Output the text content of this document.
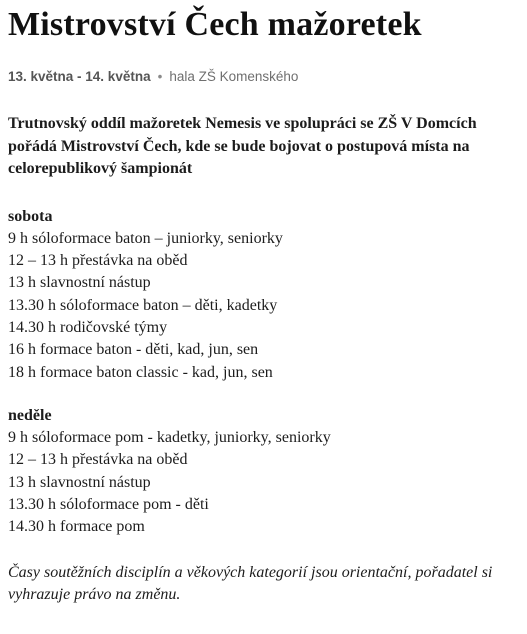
Mistrovství Čech mažoretek
13. května - 14. května • hala ZŠ Komenského

Trutnovský oddíl mažoretek Nemesis ve spolupráci se ZŠ V Domcích pořádá Mistrovství Čech, kde se bude bojovat o postupová místa na celorepublikový šampionát

sobota
9 h sóloformace baton – juniorky, seniorky
12 – 13 h přestávka na oběd
13 h slavnostní nástup
13.30 h sóloformace baton – děti, kadetky
14.30 h rodičovské týmy
16 h formace baton - děti, kad, jun, sen
18 h formace baton classic - kad, jun, sen
neděle
9 h sóloformace pom - kadetky, juniorky, seniorky
12 – 13 h přestávka na oběd
13 h slavnostní nástup
13.30 h sóloformace pom - děti
14.30 h formace pom

Časy soutěžních disciplín a věkových kategorií jsou orientační, pořadatel si vyhrazuje právo na změnu.
